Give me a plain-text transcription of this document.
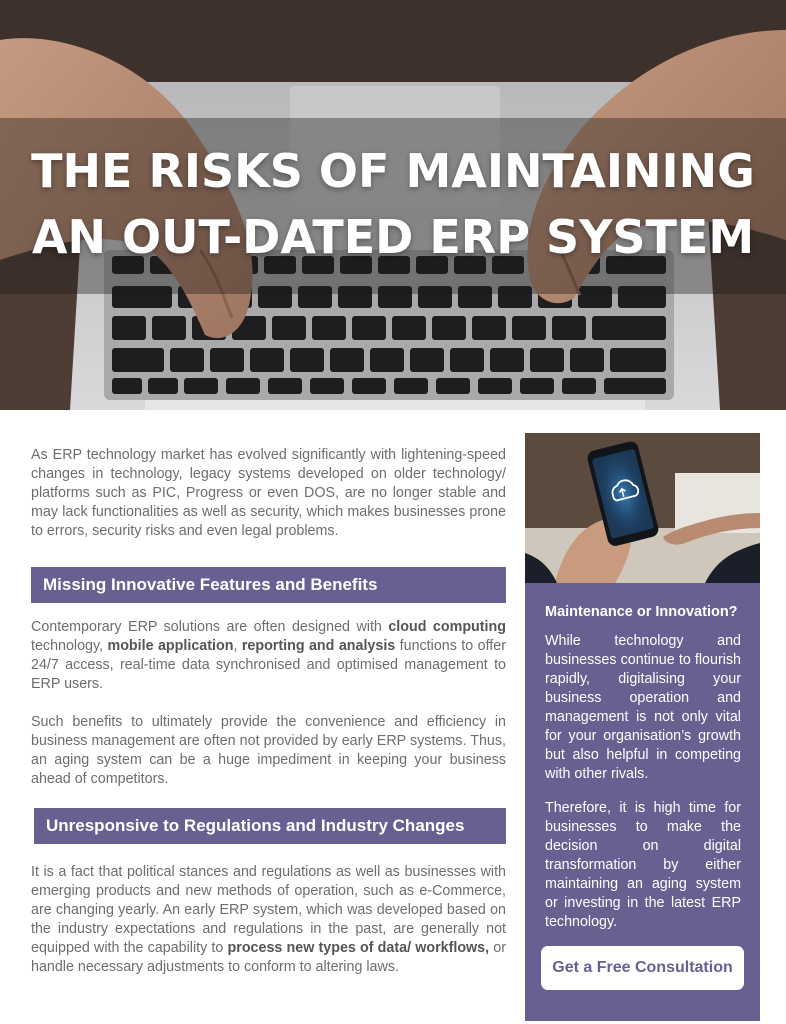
THE RISKS OF MAINTAINING
AN OUT-DATED ERP SYSTEM

As ERP technology market has evolved significantly with lightening-speed changes in technology, legacy systems developed on older technology/ platforms such as PIC, Progress or even DOS, are no longer stable and may lack functionalities as well as security, which makes businesses prone to errors, security risks and even legal problems.

Missing Innovative Features and Benefits

Contemporary ERP solutions are often designed with cloud computing technology, mobile application, reporting and analysis functions to offer 24/7 access, real-time data synchronised and optimised management to ERP users.

Such benefits to ultimately provide the convenience and efficiency in business management are often not provided by early ERP systems. Thus, an aging system can be a huge impediment in keeping your business ahead of competitors.

Unresponsive to Regulations and Industry Changes

It is a fact that political stances and regulations as well as businesses with emerging products and new methods of operation, such as e-Commerce, are changing yearly. An early ERP system, which was developed based on the industry expectations and regulations in the past, are generally not equipped with the capability to process new types of data/ workflows, or handle necessary adjustments to conform to altering laws.

Maintenance or Innovation?

While technology and businesses continue to flourish rapidly, digitalising your business operation and management is not only vital for your organisation’s growth but also helpful in competing with other rivals.

Therefore, it is high time for businesses to make the decision on digital transformation by either maintaining an aging system or investing in the latest ERP technology.

Get a Free Consultation
